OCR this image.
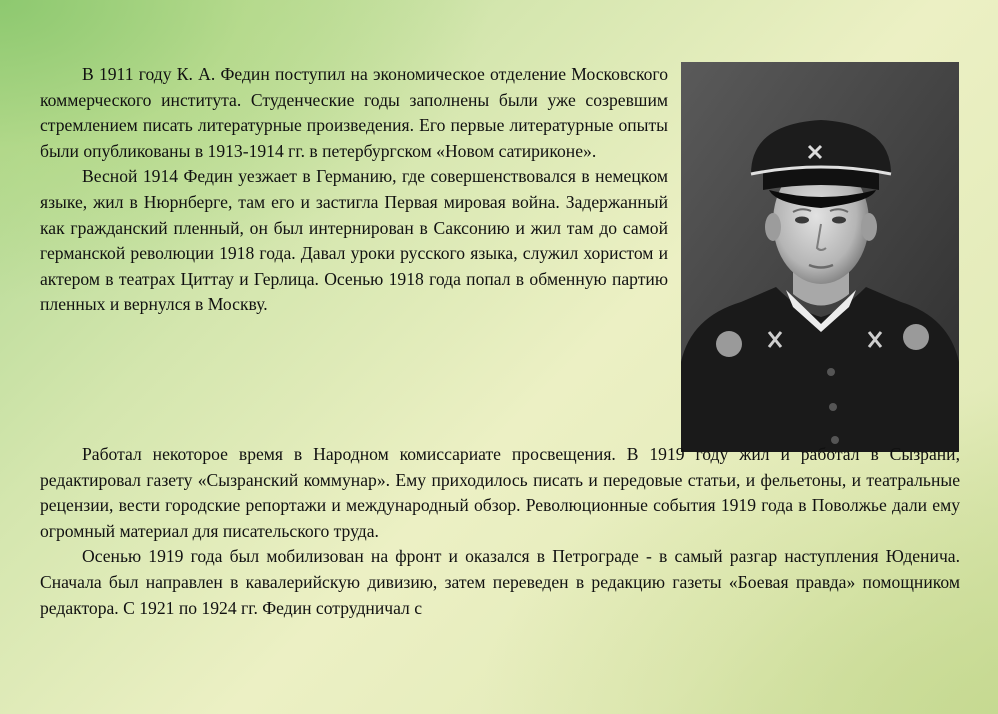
В 1911 году К. А. Федин поступил на экономическое отделение Московского коммерческого института. Студенческие годы заполнены были уже созревшим стремлением писать литературные произведения. Его первые литературные опыты были опубликованы в 1913-1914 гг. в петербургском «Новом сатириконе».

Весной 1914 Федин уезжает в Германию, где совершенствовался в немецком языке, жил в Нюрнберге, там его и застигла Первая мировая война. Задержанный как гражданский пленный, он был интернирован в Саксонию и жил там до самой германской революции 1918 года. Давал уроки русского языка, служил хористом и актером в театрах Циттау и Герлица. Осенью 1918 года попал в обменную партию пленных и вернулся в Москву.

Работал некоторое время в Народном комиссариате просвещения. В 1919 году жил и работал в Сызрани, редактировал газету «Сызранский коммунар». Ему приходилось писать и передовые статьи, и фельетоны, и театральные рецензии, вести городские репортажи и международный обзор. Революционные события 1919 года в Поволжье дали ему огромный материал для писательского труда.

Осенью 1919 года был мобилизован на фронт и оказался в Петрограде - в самый разгар наступления Юденича. Сначала был направлен в кавалерийскую дивизию, затем переведен в редакцию газеты «Боевая правда» помощником редактора. С 1921 по 1924 гг. Федин сотрудничал с
